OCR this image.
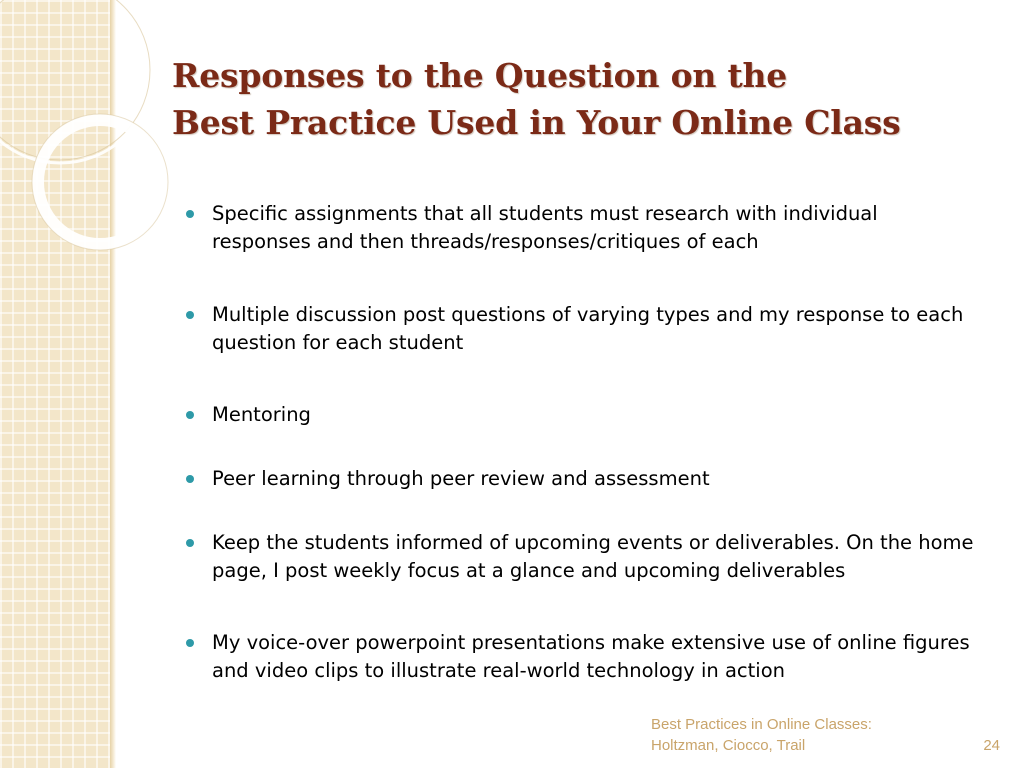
Responses to the Question on the
Best Practice Used in Your Online Class
Specific assignments that all students must research with individual responses and then threads/responses/critiques of each
Multiple discussion post questions of varying types and my response to each question for each student
Mentoring
Peer learning through peer review and assessment
Keep the students informed of upcoming events or deliverables. On the home page, I post weekly focus at a glance and upcoming deliverables
My voice-over powerpoint presentations make extensive use of online figures and video clips to illustrate real-world technology in action
Best Practices in Online Classes:
Holtzman, Ciocco, Trail	24
